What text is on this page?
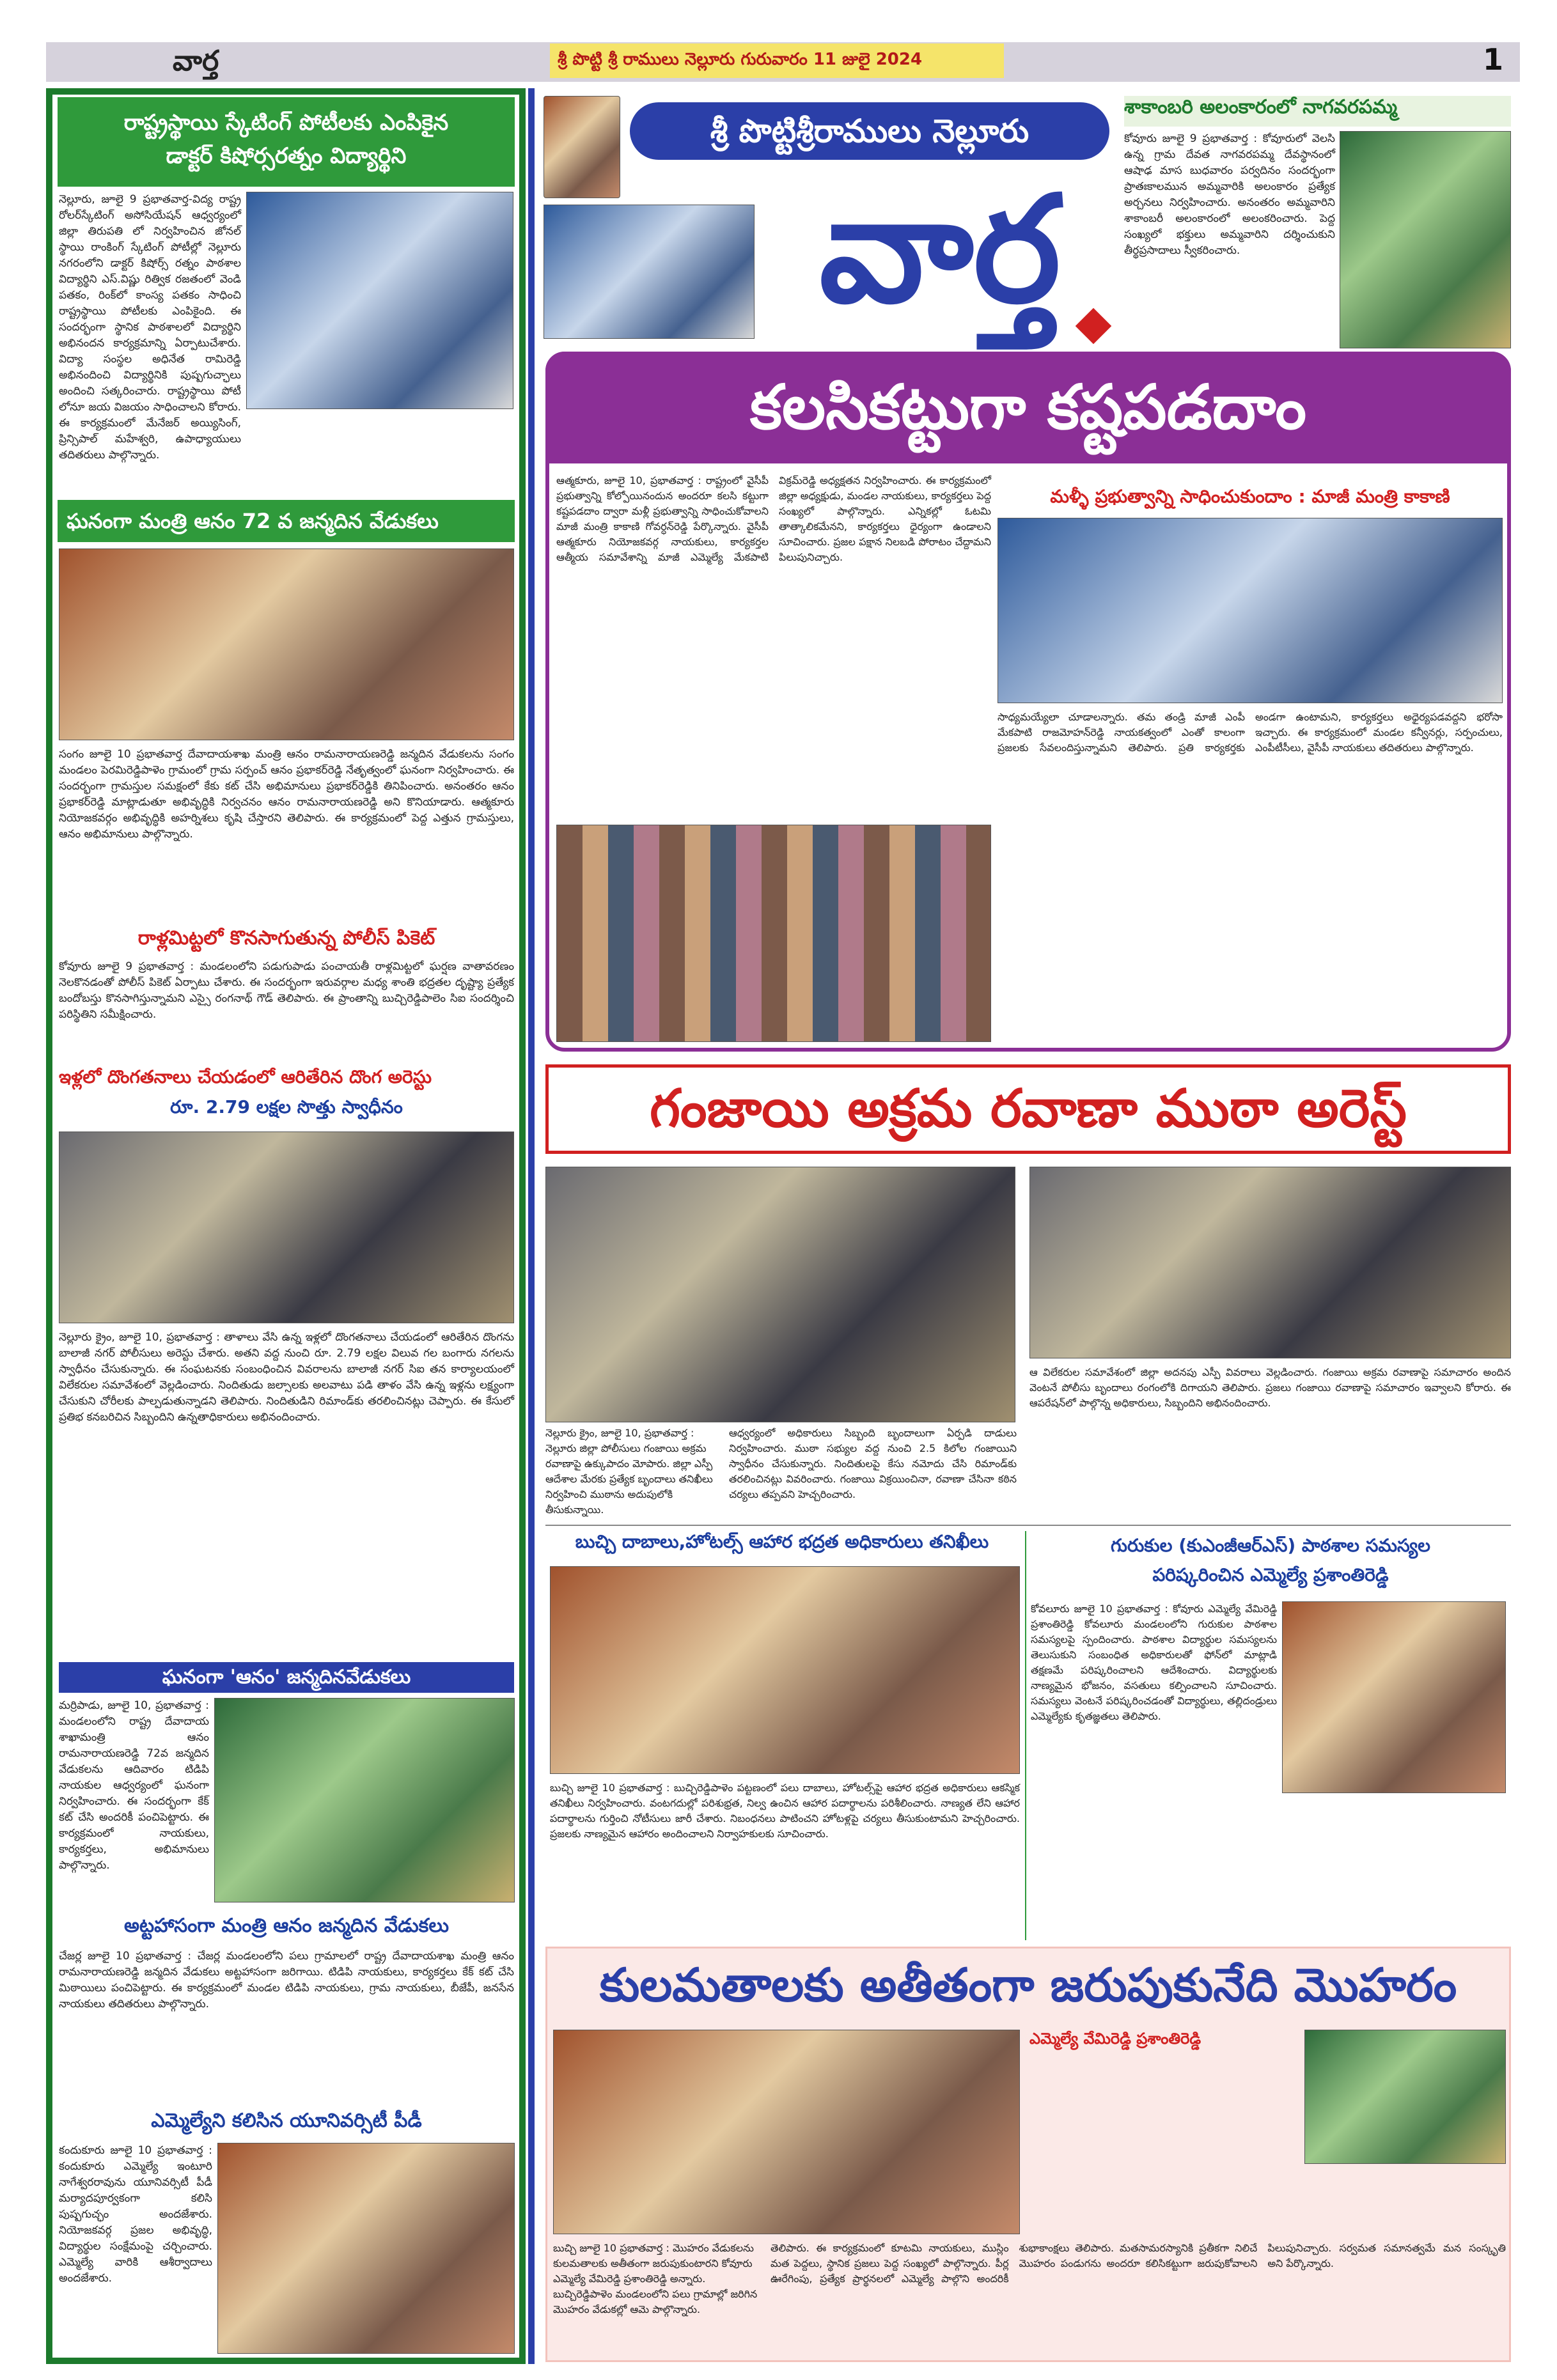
వార్త	శ్రీ పొట్టి శ్రీ రాములు నెల్లూరు గురువారం 11 జులై 2024	1
రాష్ట్రస్థాయి స్కేటింగ్ పోటీలకు ఎంపికైన
డాక్టర్ కిషోర్సరత్నం విద్యార్థిని
నెల్లూరు, జూలై 9 ప్రభాతవార్త-విద్య రాష్ట్ర రోలర్‌స్కేటింగ్ అసోసియేషన్ ఆధ్వర్యంలో జిల్లా తిరుపతి లో నిర్వహించిన జోనల్ స్థాయి రాంకింగ్ స్కేటింగ్ పోటీల్లో నెల్లూరు నగరంలోని డాక్టర్ కిషోర్స్ రత్నం పాఠశాల విద్యార్థిని ఎస్.విష్ణు రిత్విక రజతంలో వెండి పతకం, రింక్‌లో కాంస్య పతకం సాధించి రాష్ట్రస్థాయి పోటీలకు ఎంపికైంది. ఈ సందర్భంగా స్థానిక పాఠశాలలో విద్యార్థిని అభినందన కార్యక్రమాన్ని ఏర్పాటుచేశారు. విద్యా సంస్థల అధినేత రామిరెడ్డి అభినందించి విద్యార్థినికి పుష్పగుచ్ఛాలు అందించి సత్కరించారు. రాష్ట్రస్థాయి పోటీ లోనూ జయ విజయం సాధించాలని కోరారు. ఈ కార్యక్రమంలో మేనేజర్ అయ్యిసింగ్, ప్రిన్సిపాల్ మహేశ్వరి, ఉపాధ్యాయులు తదితరులు పాల్గొన్నారు.
ఘనంగా మంత్రి ఆనం 72 వ జన్మదిన వేడుకలు
సంగం జూలై 10 ప్రభాతవార్త దేవాదాయశాఖ మంత్రి ఆనం రామనారాయణరెడ్డి జన్మదిన వేడుకలను సంగం మండలం పెరమిరెడ్డిపాళెం గ్రామంలో గ్రామ సర్పంచ్ ఆనం ప్రభాకర్‌రెడ్డి నేతృత్వంలో ఘనంగా నిర్వహించారు. ఈ సందర్భంగా గ్రామస్తుల సమక్షంలో కేకు కట్ చేసి అభిమానులు ప్రభాకర్‌రెడ్డికి తినిపించారు. అనంతరం ఆనం ప్రభాకర్‌రెడ్డి మాట్లాడుతూ అభివృద్ధికి నిర్వచనం ఆనం రామనారాయణరెడ్డి అని కొనియాడారు. ఆత్మకూరు నియోజకవర్గం అభివృద్ధికి అహర్నిశలు కృషి చేస్తారని తెలిపారు. ఈ కార్యక్రమంలో పెద్ద ఎత్తున గ్రామస్తులు, ఆనం అభిమానులు పాల్గొన్నారు.
రాళ్లమిట్టలో కొనసాగుతున్న పోలీస్ పికెట్
కోవూరు జూలై 9 ప్రభాతవార్త : మండలంలోని పడుగుపాడు పంచాయతీ రాళ్లమిట్టలో ఘర్షణ వాతావరణం నెలకొనడంతో పోలీస్ పికెట్ ఏర్పాటు చేశారు. ఈ సందర్భంగా ఇరువర్గాల మధ్య శాంతి భద్రతల దృష్ట్యా ప్రత్యేక బందోబస్తు కొనసాగిస్తున్నామని ఎస్సై రంగనాథ్ గౌడ్ తెలిపారు. ఈ ప్రాంతాన్ని బుచ్చిరెడ్డిపాలెం సిఐ సందర్శించి పరిస్థితిని సమీక్షించారు.
ఇళ్లలో దొంగతనాలు చేయడంలో ఆరితేరిన దొంగ అరెస్టు
రూ. 2.79 లక్షల సొత్తు స్వాధీనం
నెల్లూరు క్రైం, జూలై 10, ప్రభాతవార్త : తాళాలు వేసి ఉన్న ఇళ్లలో దొంగతనాలు చేయడంలో ఆరితేరిన దొంగను బాలాజీ నగర్ పోలీసులు అరెస్టు చేశారు. అతని వద్ద నుంచి రూ. 2.79 లక్షల విలువ గల బంగారు నగలను స్వాధీనం చేసుకున్నారు. ఈ సంఘటనకు సంబంధించిన వివరాలను బాలాజీ నగర్ సిఐ తన కార్యాలయంలో విలేకరుల సమావేశంలో వెల్లడించారు. నిందితుడు జల్సాలకు అలవాటు పడి తాళం వేసి ఉన్న ఇళ్లను లక్ష్యంగా చేసుకుని చోరీలకు పాల్పడుతున్నాడని తెలిపారు. నిందితుడిని రిమాండ్‌కు తరలించినట్లు చెప్పారు. ఈ కేసులో ప్రతిభ కనబరిచిన సిబ్బందిని ఉన్నతాధికారులు అభినందించారు.
ఘనంగా 'ఆనం' జన్మదినవేడుకలు
మర్రిపాడు, జూలై 10, ప్రభాతవార్త : మండలంలోని రాష్ట్ర దేవాదాయ శాఖామంత్రి ఆనం రామనారాయణరెడ్డి 72వ జన్మదిన వేడుకలను ఆదివారం టిడిపి నాయకుల ఆధ్వర్యంలో ఘనంగా నిర్వహించారు. ఈ సందర్భంగా కేక్ కట్ చేసి అందరికీ పంచిపెట్టారు. ఈ కార్యక్రమంలో నాయకులు, కార్యకర్తలు, అభిమానులు పాల్గొన్నారు.
అట్టహాసంగా మంత్రి ఆనం జన్మదిన వేడుకలు
చేజర్ల జూలై 10 ప్రభాతవార్త : చేజర్ల మండలంలోని పలు గ్రామాలలో రాష్ట్ర దేవాదాయశాఖ మంత్రి ఆనం రామనారాయణరెడ్డి జన్మదిన వేడుకలు అట్టహాసంగా జరిగాయి. టిడిపి నాయకులు, కార్యకర్తలు కేక్ కట్ చేసి మిఠాయిలు పంచిపెట్టారు. ఈ కార్యక్రమంలో మండల టిడిపి నాయకులు, గ్రామ నాయకులు, బీజేపీ, జనసేన నాయకులు తదితరులు పాల్గొన్నారు.
ఎమ్మెల్యేని కలిసిన యూనివర్సిటీ పీడీ
కందుకూరు జూలై 10 ప్రభాతవార్త : కందుకూరు ఎమ్మెల్యే ఇంటూరి నాగేశ్వరరావును యూనివర్సిటీ పీడీ మర్యాదపూర్వకంగా కలిసి పుష్పగుచ్ఛం అందజేశారు. నియోజకవర్గ ప్రజల అభివృద్ధి, విద్యార్థుల సంక్షేమంపై చర్చించారు. ఎమ్మెల్యే వారికి ఆశీర్వాదాలు అందజేశారు.
శ్రీ పొట్టిశ్రీరాములు నెల్లూరు
వార్త
శాకాంబరి అలంకారంలో నాగవరపమ్మ
కోవూరు జూలై 9 ప్రభాతవార్త : కోవూరులో వెలసి ఉన్న గ్రామ దేవత నాగవరపమ్మ దేవస్థానంలో ఆషాఢ మాస బుధవారం పర్వదినం సందర్భంగా ప్రాతఃకాలమున అమ్మవారికి అలంకారం ప్రత్యేక అర్చనలు నిర్వహించారు. అనంతరం అమ్మవారిని శాకాంబరీ అలంకారంలో అలంకరించారు. పెద్ద సంఖ్యలో భక్తులు అమ్మవారిని దర్శించుకుని తీర్థప్రసాదాలు స్వీకరించారు.
కలసికట్టుగా కష్టపడదాం
ఆత్మకూరు, జూలై 10, ప్రభాతవార్త : రాష్ట్రంలో వైసీపీ ప్రభుత్వాన్ని కోల్పోయినందున అందరూ కలసి కట్టుగా కష్టపడదాం ద్వారా మళ్లీ ప్రభుత్వాన్ని సాధించుకోవాలని మాజీ మంత్రి కాకాణి గోవర్ధన్‌రెడ్డి పేర్కొన్నారు. వైసీపీ ఆత్మకూరు నియోజకవర్గ నాయకులు, కార్యకర్తల ఆత్మీయ సమావేశాన్ని మాజీ ఎమ్మెల్యే మేకపాటి విక్రమ్‌రెడ్డి అధ్యక్షతన నిర్వహించారు. ఈ కార్యక్రమంలో జిల్లా అధ్యక్షుడు, మండల నాయకులు, కార్యకర్తలు పెద్ద సంఖ్యలో పాల్గొన్నారు. ఎన్నికల్లో ఓటమి తాత్కాలికమేనని, కార్యకర్తలు ధైర్యంగా ఉండాలని సూచించారు. ప్రజల పక్షాన నిలబడి పోరాటం చేద్దామని పిలుపునిచ్చారు.
మళ్ళీ ప్రభుత్వాన్ని సాధించుకుందాం : మాజీ మంత్రి కాకాణి
సాధ్యమయ్యేలా చూడాలన్నారు. తమ తండ్రి మాజీ ఎంపీ మేకపాటి రాజమోహన్‌రెడ్డి నాయకత్వంలో ఎంతో కాలంగా ప్రజలకు సేవలందిస్తున్నామని తెలిపారు. ప్రతి కార్యకర్తకు అండగా ఉంటామని, కార్యకర్తలు అధైర్యపడవద్దని భరోసా ఇచ్చారు. ఈ కార్యక్రమంలో మండల కన్వీనర్లు, సర్పంచులు, ఎంపీటీసీలు, వైసీపీ నాయకులు తదితరులు పాల్గొన్నారు.
గంజాయి అక్రమ రవాణా ముఠా అరెస్ట్
నెల్లూరు క్రైం, జూలై 10, ప్రభాతవార్త : నెల్లూరు జిల్లా పోలీసులు గంజాయి అక్రమ రవాణాపై ఉక్కుపాదం మోపారు. జిల్లా ఎస్పీ ఆదేశాల మేరకు ప్రత్యేక బృందాలు తనిఖీలు నిర్వహించి ముఠాను అదుపులోకి తీసుకున్నాయి.
ఆధ్వర్యంలో అధికారులు సిబ్బంది బృందాలుగా ఏర్పడి దాడులు నిర్వహించారు. ముఠా సభ్యుల వద్ద నుంచి 2.5 కిలోల గంజాయిని స్వాధీనం చేసుకున్నారు. నిందితులపై కేసు నమోదు చేసి రిమాండ్‌కు తరలించినట్లు వివరించారు. గంజాయి విక్రయించినా, రవాణా చేసినా కఠిన చర్యలు తప్పవని హెచ్చరించారు.
ఆ విలేకరుల సమావేశంలో జిల్లా అదనపు ఎస్పీ వివరాలు వెల్లడించారు. గంజాయి అక్రమ రవాణాపై సమాచారం అందిన వెంటనే పోలీసు బృందాలు రంగంలోకి దిగాయని తెలిపారు. ప్రజలు గంజాయి రవాణాపై సమాచారం ఇవ్వాలని కోరారు. ఈ ఆపరేషన్‌లో పాల్గొన్న అధికారులు, సిబ్బందిని అభినందించారు.
బుచ్చి దాబాలు,హోటల్స్ ఆహార భద్రత అధికారులు తనిఖీలు
బుచ్చి జూలై 10 ప్రభాతవార్త : బుచ్చిరెడ్డిపాళెం పట్టణంలో పలు దాబాలు, హోటల్స్‌పై ఆహార భద్రత అధికారులు ఆకస్మిక తనిఖీలు నిర్వహించారు. వంటగదుల్లో పరిశుభ్రత, నిల్వ ఉంచిన ఆహార పదార్థాలను పరిశీలించారు. నాణ్యత లేని ఆహార పదార్థాలను గుర్తించి నోటీసులు జారీ చేశారు. నిబంధనలు పాటించని హోటళ్లపై చర్యలు తీసుకుంటామని హెచ్చరించారు. ప్రజలకు నాణ్యమైన ఆహారం అందించాలని నిర్వాహకులకు సూచించారు.
గురుకుల (కుఎంజీఆర్ఎస్) పాఠశాల సమస్యల
పరిష్కరించిన ఎమ్మెల్యే ప్రశాంతిరెడ్డి
కోవలూరు జూలై 10 ప్రభాతవార్త : కోవూరు ఎమ్మెల్యే వేమిరెడ్డి ప్రశాంతిరెడ్డి కోవలూరు మండలంలోని గురుకుల పాఠశాల సమస్యలపై స్పందించారు. పాఠశాల విద్యార్థుల సమస్యలను తెలుసుకుని సంబంధిత అధికారులతో ఫోన్‌లో మాట్లాడి తక్షణమే పరిష్కరించాలని ఆదేశించారు. విద్యార్థులకు నాణ్యమైన భోజనం, వసతులు కల్పించాలని సూచించారు. సమస్యలు వెంటనే పరిష్కరించడంతో విద్యార్థులు, తల్లిదండ్రులు ఎమ్మెల్యేకు కృతజ్ఞతలు తెలిపారు.
కులమతాలకు అతీతంగా జరుపుకునేది మొహరం
ఎమ్మెల్యే వేమిరెడ్డి ప్రశాంతిరెడ్డి
బుచ్చి జూలై 10 ప్రభాతవార్త : మొహరం వేడుకలను కులమతాలకు అతీతంగా జరుపుకుంటారని కోవూరు ఎమ్మెల్యే వేమిరెడ్డి ప్రశాంతిరెడ్డి అన్నారు. బుచ్చిరెడ్డిపాళెం మండలంలోని పలు గ్రామాల్లో జరిగిన మొహరం వేడుకల్లో ఆమె పాల్గొన్నారు.
తెలిపారు. ఈ కార్యక్రమంలో కూటమి నాయకులు, ముస్లిం మత పెద్దలు, స్థానిక ప్రజలు పెద్ద సంఖ్యలో పాల్గొన్నారు. పీర్ల ఊరేగింపు, ప్రత్యేక ప్రార్థనలలో ఎమ్మెల్యే పాల్గొని అందరికీ శుభాకాంక్షలు తెలిపారు. మతసామరస్యానికి ప్రతీకగా నిలిచే మొహరం పండుగను అందరూ కలిసికట్టుగా జరుపుకోవాలని పిలుపునిచ్చారు. సర్వమత సమానత్వమే మన సంస్కృతి అని పేర్కొన్నారు.
